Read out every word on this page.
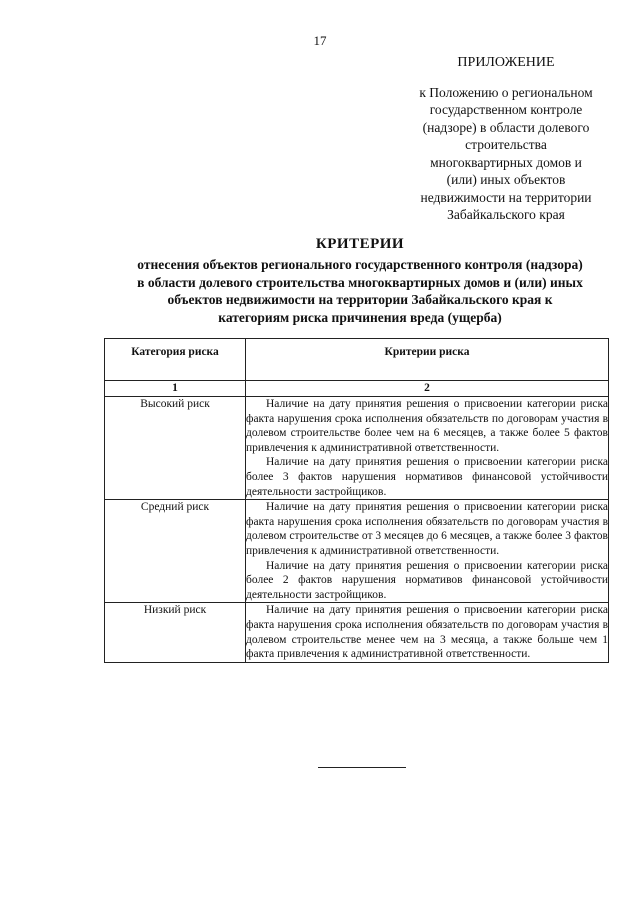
17
ПРИЛОЖЕНИЕ
к Положению о региональном
государственном контроле
(надзоре) в области долевого
строительства
многоквартирных домов и
(или) иных объектов
недвижимости на территории
Забайкальского края
КРИТЕРИИ
отнесения объектов регионального государственного контроля (надзора)
в области долевого строительства многоквартирных домов и (или) иных
объектов недвижимости на территории Забайкальского края к
категориям риска причинения вреда (ущерба)
Категория риска	Критерии риска
1	2
Высокий риск	Наличие на дату принятия решения о присвоении категории риска факта нарушения срока исполнения обязательств по договорам участия в долевом строительстве более чем на 6 месяцев, а также более 5 фактов привлечения к административной ответственности.

Наличие на дату принятия решения о присвоении категории риска более 3 фактов нарушения нормативов финансовой устойчивости деятельности застройщиков.

Средний риск	Наличие на дату принятия решения о присвоении категории риска факта нарушения срока исполнения обязательств по договорам участия в долевом строительстве от 3 месяцев до 6 месяцев, а также более 3 фактов привлечения к административной ответственности.

Наличие на дату принятия решения о присвоении категории риска более 2 фактов нарушения нормативов финансовой устойчивости деятельности застройщиков.

Низкий риск	Наличие на дату принятия решения о присвоении категории риска факта нарушения срока исполнения обязательств по договорам участия в долевом строительстве менее чем на 3 месяца, а также больше чем 1 факта привлечения к административной ответственности.
